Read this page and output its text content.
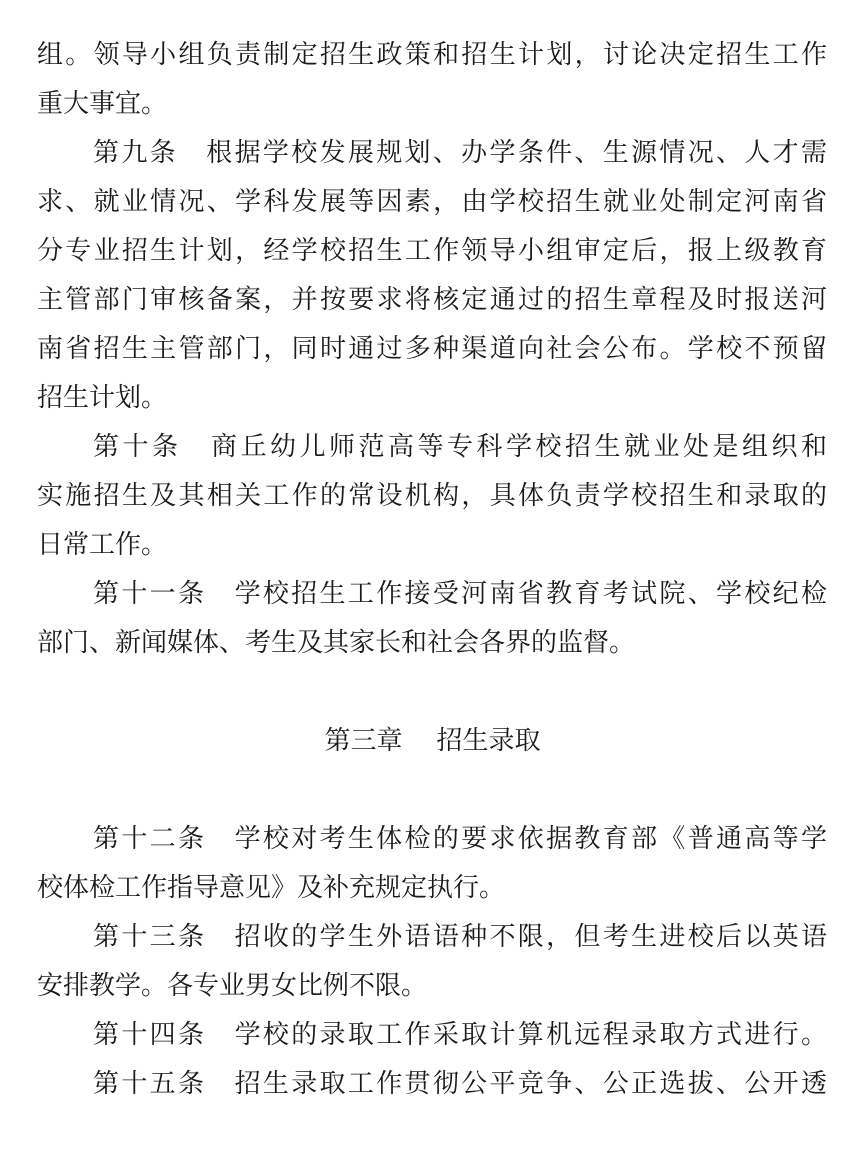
组。领导小组负责制定招生政策和招生计划，讨论决定招生工作
重大事宜。
第九条 根据学校发展规划、办学条件、生源情况、人才需
求、就业情况、学科发展等因素，由学校招生就业处制定河南省
分专业招生计划，经学校招生工作领导小组审定后，报上级教育
主管部门审核备案，并按要求将核定通过的招生章程及时报送河
南省招生主管部门，同时通过多种渠道向社会公布。学校不预留
招生计划。
第十条 商丘幼儿师范高等专科学校招生就业处是组织和
实施招生及其相关工作的常设机构，具体负责学校招生和录取的
日常工作。
第十一条 学校招生工作接受河南省教育考试院、学校纪检
部门、新闻媒体、考生及其家长和社会各界的监督。
第三章 招生录取
第十二条 学校对考生体检的要求依据教育部《普通高等学
校体检工作指导意见》及补充规定执行。
第十三条 招收的学生外语语种不限，但考生进校后以英语
安排教学。各专业男女比例不限。
第十四条 学校的录取工作采取计算机远程录取方式进行。
第十五条 招生录取工作贯彻公平竞争、公正选拔、公开透
